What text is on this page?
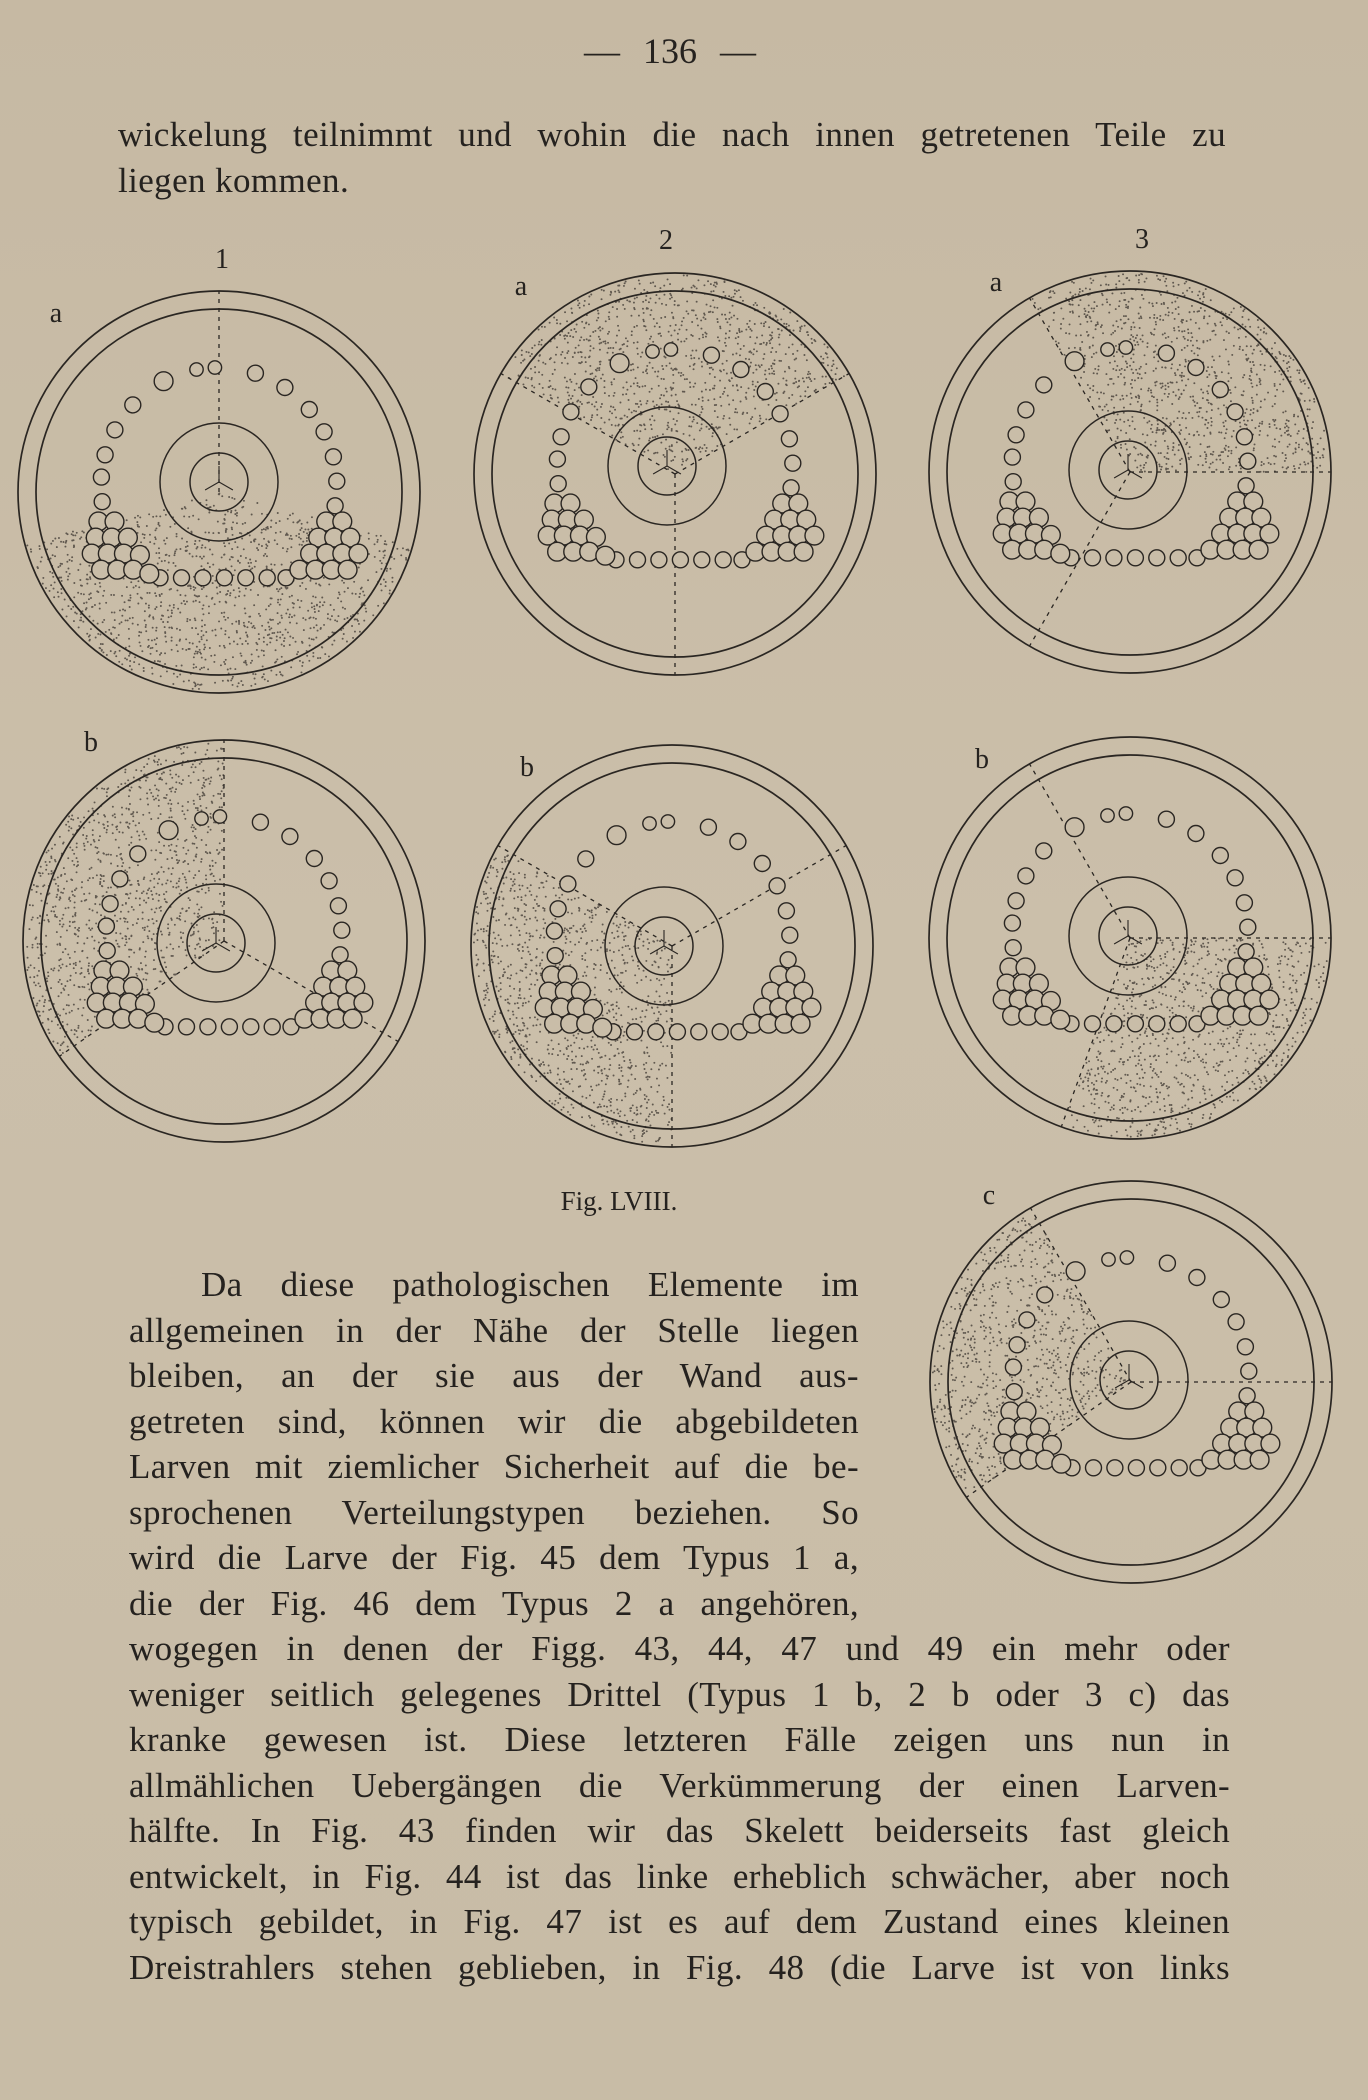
1
2	3
a
a	a
b
b	b
c
Fig. LVIII.
— 136 —
wickelung teilnimmt und wohin die nach innen getretenen Teile zu
liegen kommen.
Da diese pathologischen Elemente im
allgemeinen in der Nähe der Stelle liegen
bleiben, an der sie aus der Wand aus-
getreten sind, können wir die abgebildeten
Larven mit ziemlicher Sicherheit auf die be-
sprochenen Verteilungstypen beziehen. So
wird die Larve der Fig. 45 dem Typus 1 a,
die der Fig. 46 dem Typus 2 a angehören,
wogegen in denen der Figg. 43, 44, 47 und 49 ein mehr oder
weniger seitlich gelegenes Drittel (Typus 1 b, 2 b oder 3 c) das
kranke gewesen ist. Diese letzteren Fälle zeigen uns nun in
allmählichen Uebergängen die Verkümmerung der einen Larven-
hälfte. In Fig. 43 finden wir das Skelett beiderseits fast gleich
entwickelt, in Fig. 44 ist das linke erheblich schwächer, aber noch
typisch gebildet, in Fig. 47 ist es auf dem Zustand eines kleinen
Dreistrahlers stehen geblieben, in Fig. 48 (die Larve ist von links
